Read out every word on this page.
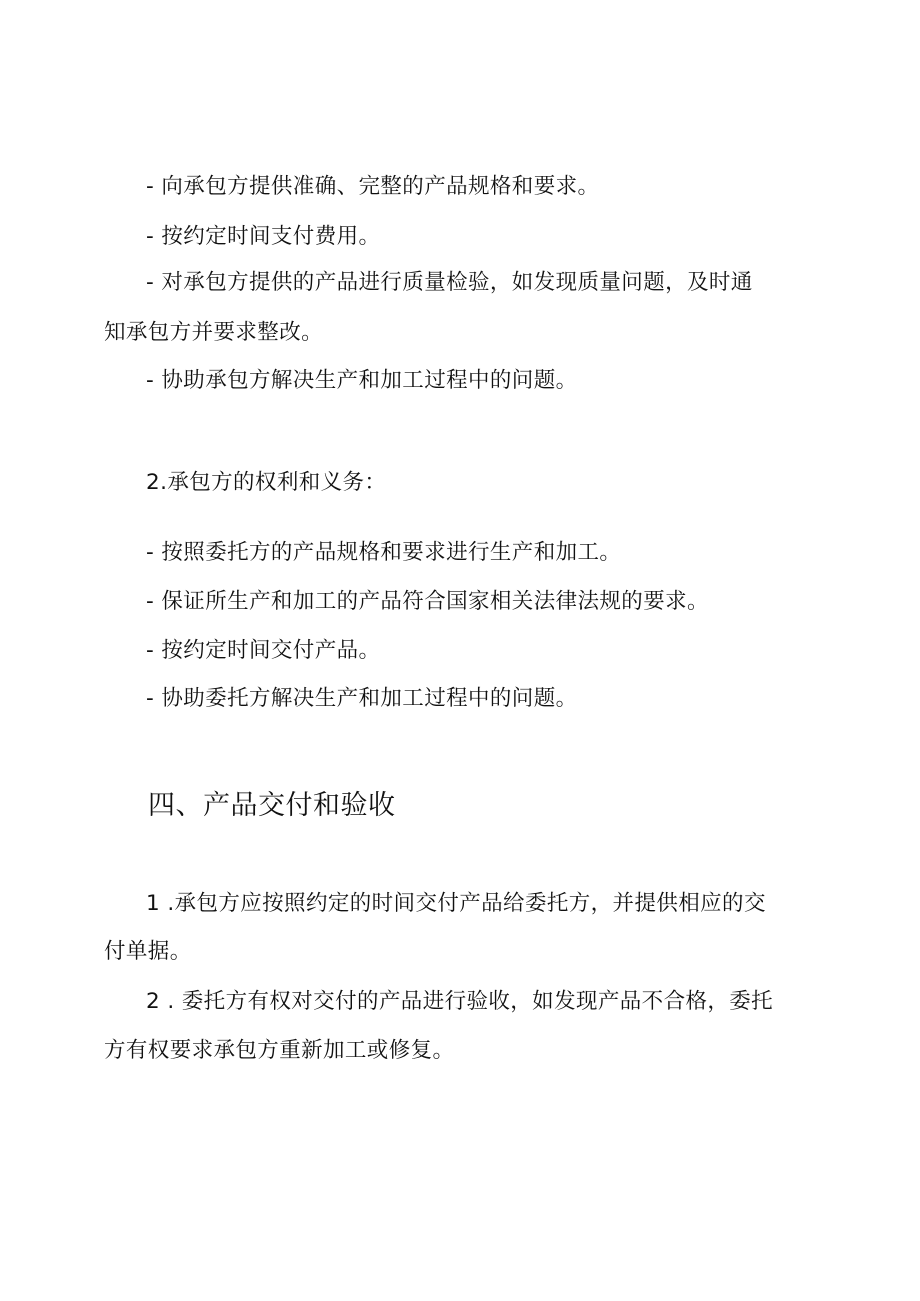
- 向承包方提供准确、完整的产品规格和要求。
- 按约定时间支付费用。
- 对承包方提供的产品进行质量检验，如发现质量问题，及时通
知承包方并要求整改。
- 协助承包方解决生产和加工过程中的问题。
2.承包方的权利和义务：
- 按照委托方的产品规格和要求进行生产和加工。
- 保证所生产和加工的产品符合国家相关法律法规的要求。
- 按约定时间交付产品。
- 协助委托方解决生产和加工过程中的问题。
四、产品交付和验收
1 .承包方应按照约定的时间交付产品给委托方，并提供相应的交
付单据。
2 . 委托方有权对交付的产品进行验收，如发现产品不合格，委托
方有权要求承包方重新加工或修复。
